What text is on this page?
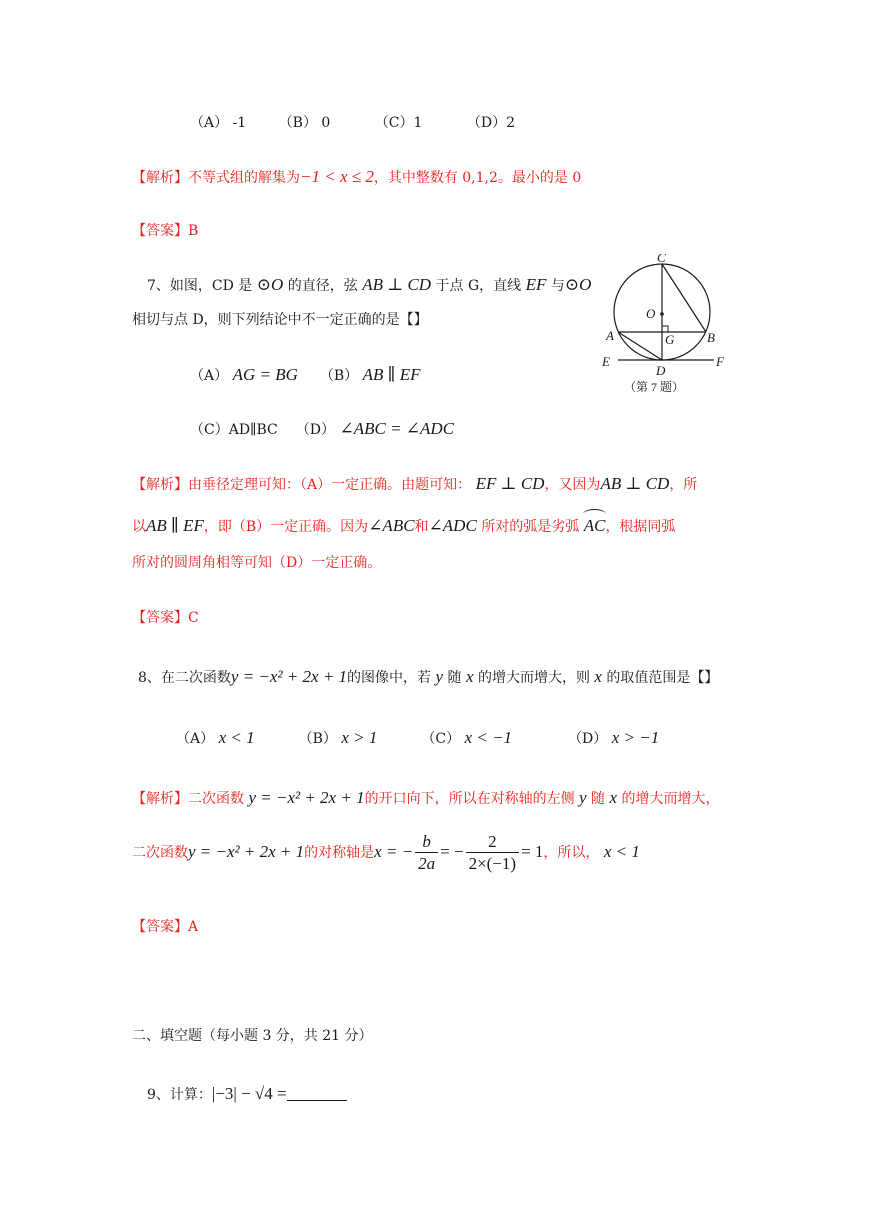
（A） -1 （B） 0	（C）1	（D）2
【解析】不等式组的解集为−1 < x ≤ 2，其中整数有 0,1,2。最小的是 0
【答案】B
7、如图，CD 是 ⊙O 的直径，弦 AB ⊥ CD 于点 G，直线 EF 与⊙O
相切与点 D，则下列结论中不一定正确的是【】
（A） AG = BG （B） AB ∥ EF
（C）AD∥BC （D） ∠ABC = ∠ADC
C
O
G
A	B
E
D
F
（第 7 题）
【解析】由垂径定理可知：（A）一定正确。由题可知： EF ⊥ CD，又因为AB ⊥ CD，所
以AB ∥ EF，即（B）一定正确。因为∠ABC和∠ADC 所对的弧是劣弧 AC，根据同弧
所对的圆周角相等可知（D）一定正确。
【答案】C
8、在二次函数y = −x² + 2x + 1的图像中，若 y 随 x 的增大而增大，则 x 的取值范围是【】
（A） x < 1	（B） x > 1	（C） x < −1	（D） x > −1
【解析】二次函数 y = −x² + 2x + 1的开口向下，所以在对称轴的左侧 y 随 x 的增大而增大，
二次函数y = −x² + 2x + 1的对称轴是x = − $\frac{b}{2a}$ = − $\frac{2}{2\times(-1)} = 1$，所以， x < 1
【答案】A
二、填空题（每小题 3 分，共 21 分）
9、计算：|−3| − √4 =
